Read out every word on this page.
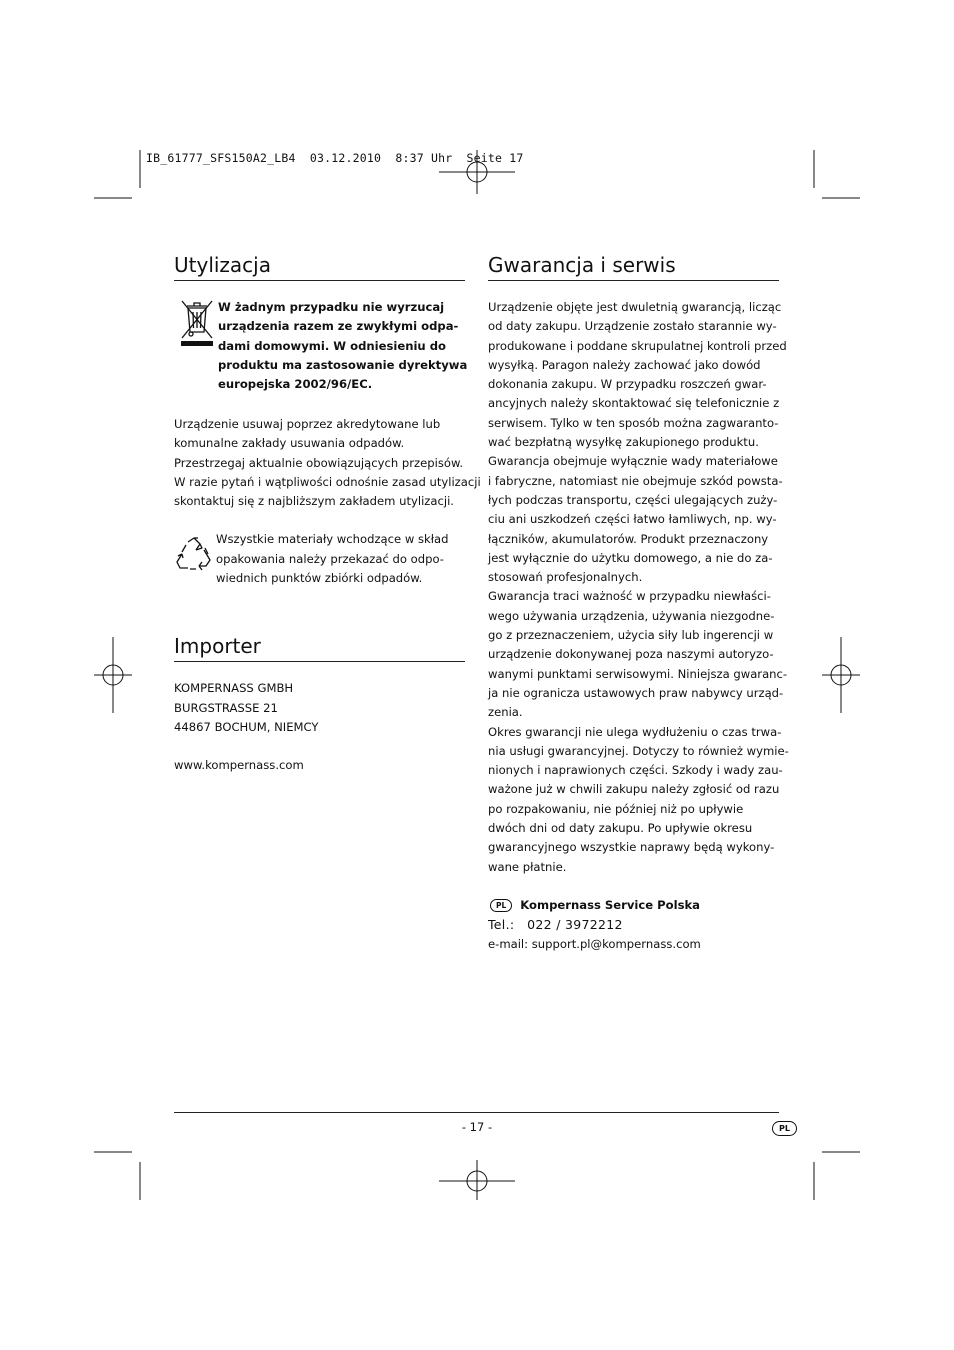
IB_61777_SFS150A2_LB4  03.12.2010  8:37 Uhr  Seite 17
Utylizacja
W żadnym przypadku nie wyrzucaj
urządzenia razem ze zwykłymi odpa-
dami domowymi. W odniesieniu do
produktu ma zastosowanie dyrektywa
europejska 2002/96/EC.

Urządzenie usuwaj poprzez akredytowane lub
komunalne zakłady usuwania odpadów.
Przestrzegaj aktualnie obowiązujących przepisów.
W razie pytań i wątpliwości odnośnie zasad utylizacji
skontaktuj się z najbliższym zakładem utylizacji.

Wszystkie materiały wchodzące w skład
opakowania należy przekazać do odpo-
wiednich punktów zbiórki odpadów.
Importer

KOMPERNASS GMBH
BURGSTRASSE 21
44867 BOCHUM, NIEMCY

www.kompernass.com

Gwarancja i serwis

Urządzenie objęte jest dwuletnią gwarancją, licząc
od daty zakupu. Urządzenie zostało starannie wy-
produkowane i poddane skrupulatnej kontroli przed
wysyłką. Paragon należy zachować jako dowód
dokonania zakupu. W przypadku roszczeń gwar-
ancyjnych należy skontaktować się telefonicznie z
serwisem. Tylko w ten sposób można zagwaranto-
wać bezpłatną wysyłkę zakupionego produktu.
Gwarancja obejmuje wyłącznie wady materiałowe
i fabryczne, natomiast nie obejmuje szkód powsta-
łych podczas transportu, części ulegających zuży-
ciu ani uszkodzeń części łatwo łamliwych, np. wy-
łączników, akumulatorów. Produkt przeznaczony
jest wyłącznie do użytku domowego, a nie do za-
stosowań profesjonalnych.
Gwarancja traci ważność w przypadku niewłaści-
wego używania urządzenia, używania niezgodne-
go z przeznaczeniem, użycia siły lub ingerencji w
urządzenie dokonywanej poza naszymi autoryzo-
wanymi punktami serwisowymi. Niniejsza gwaranc-
ja nie ogranicza ustawowych praw nabywcy urząd-
zenia.
Okres gwarancji nie ulega wydłużeniu o czas trwa-
nia usługi gwarancyjnej. Dotyczy to również wymie-
nionych i naprawionych części. Szkody i wady zau-
ważone już w chwili zakupu należy zgłosić od razu
po rozpakowaniu, nie później niż po upływie
dwóch dni od daty zakupu. Po upływie okresu
gwarancyjnego wszystkie naprawy będą wykony-
wane płatnie.

PL	Kompernass Service Polska
Tel.:   022 / 3972212
e-mail: support.pl@kompernass.com
- 17 -	PL
